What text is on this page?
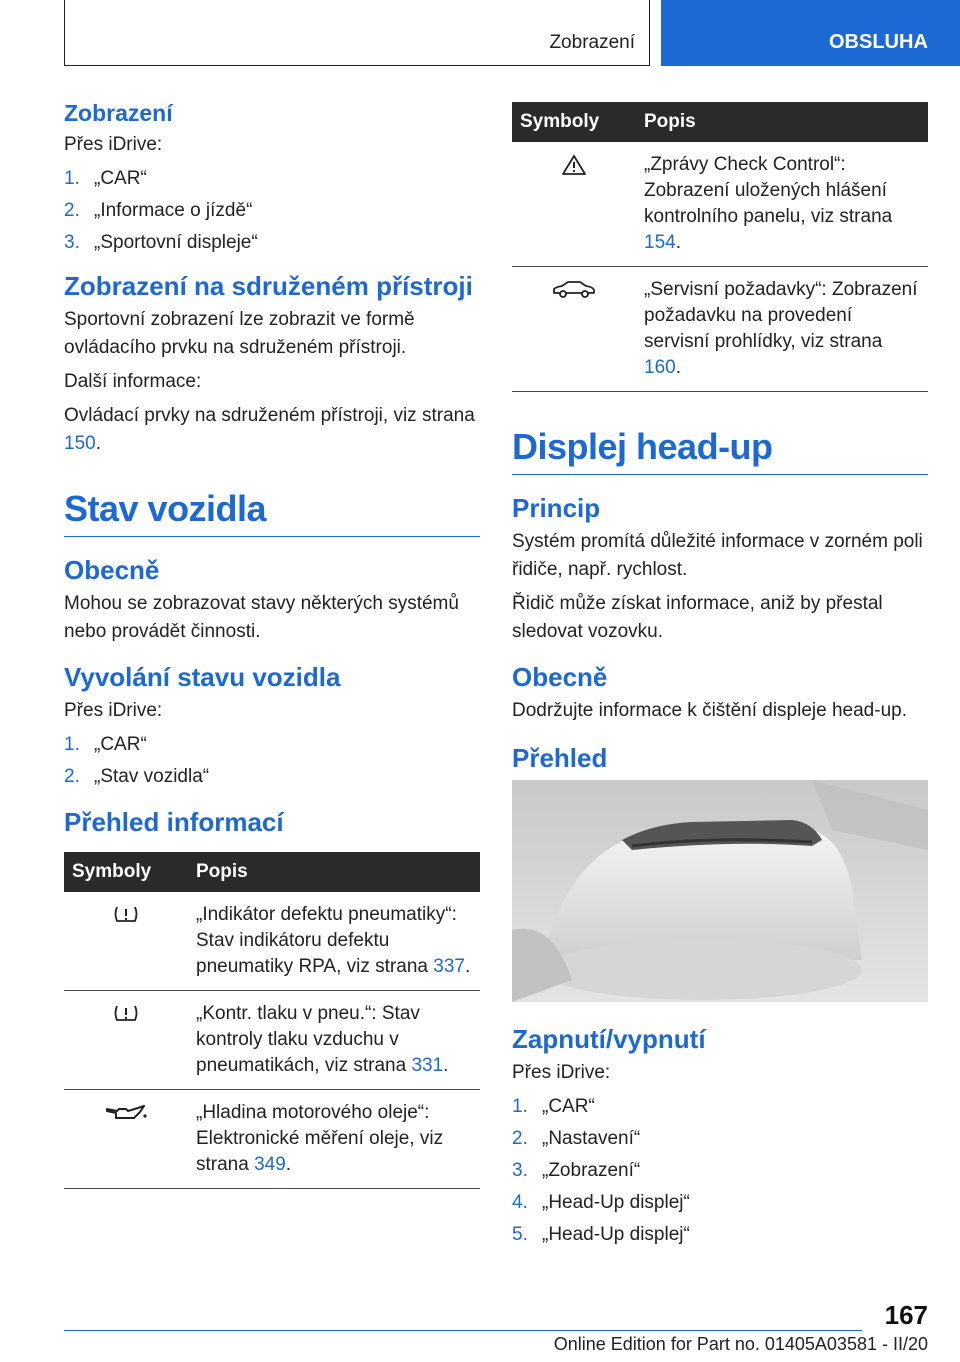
Zobrazení	OBSLUHA
Zobrazení

Přes iDrive:

1. „CAR“
2. „Informace o jízdě“
3. „Sportovní displeje“
Zobrazení na sdruženém přístroji

Sportovní zobrazení lze zobrazit ve formě ovládacího prvku na sdruženém přístroji.

Další informace:

Ovládací prvky na sdruženém přístroji, viz strana 150.

Stav vozidla
Obecně

Mohou se zobrazovat stavy některých systémů nebo provádět činnosti.

Vyvolání stavu vozidla

Přes iDrive:

1. „CAR“
2. „Stav vozidla“
Přehled informací
Symboly	Popis
	„Indikátor defektu pneumatiky“: Stav indikátoru defektu pneumatiky RPA, viz strana 337.
	„Kontr. tlaku v pneu.“: Stav kontroly tlaku vzduchu v pneumatikách, viz strana 331.
	„Hladina motorového oleje“: Elektronické měření oleje, viz strana 349.
Symboly	Popis
	„Zprávy Check Control“: Zobrazení uložených hlášení kontrolního panelu, viz strana 154.
	„Servisní požadavky“: Zobrazení požadavku na provedení servisní prohlídky, viz strana 160.
Displej head-up
Princip

Systém promítá důležité informace v zorném poli řidiče, např. rychlost.

Řidič může získat informace, aniž by přestal sledovat vozovku.

Obecně

Dodržujte informace k čištění displeje head-up.

Přehled
Zapnutí/vypnutí

Přes iDrive:

1. „CAR“
2. „Nastavení“
3. „Zobrazení“
4. „Head-Up displej“
5. „Head-Up displej“
167
Online Edition for Part no. 01405A03581 - II/20
